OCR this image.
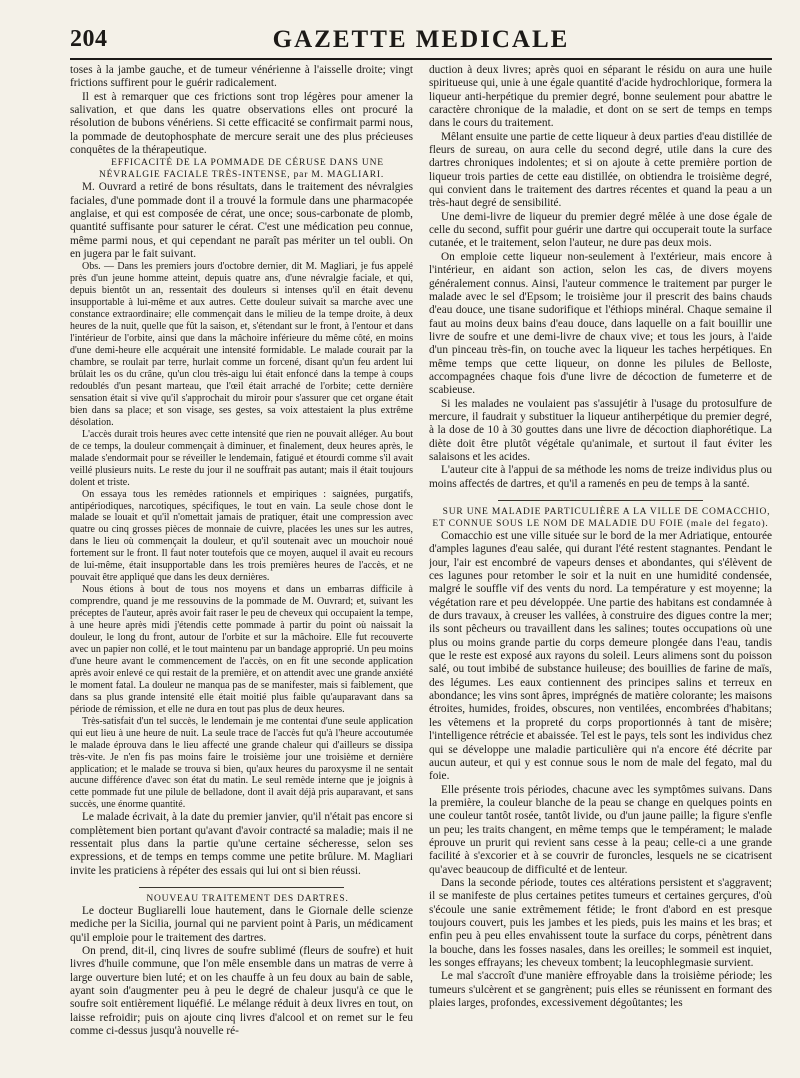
204	GAZETTE MEDICALE

toses à la jambe gauche, et de tumeur vénérienne à l'aisselle droite; vingt frictions suffirent pour le guérir radicalement.

Il est à remarquer que ces frictions sont trop légères pour amener la salivation, et que dans les quatre observations elles ont procuré la résolution de bubons vénériens. Si cette efficacité se confirmait parmi nous, la pommade de deutophosphate de mercure serait une des plus précieuses conquêtes de la thérapeutique.

EFFICACITÉ DE LA POMMADE DE CÉRUSE DANS UNE NÉVRALGIE FACIALE TRÈS-INTENSE, par M. MAGLIARI.

M. Ouvrard a retiré de bons résultats, dans le traitement des névralgies faciales, d'une pommade dont il a trouvé la formule dans une pharmacopée anglaise, et qui est composée de cérat, une once; sous-carbonate de plomb, quantité suffisante pour saturer le cérat. C'est une médication peu connue, même parmi nous, et qui cependant ne paraît pas mériter un tel oubli. On en jugera par le fait suivant.

Obs. — Dans les premiers jours d'octobre dernier, dit M. Magliari, je fus appelé près d'un jeune homme atteint, depuis quatre ans, d'une névralgie faciale, et qui, depuis bientôt un an, ressentait des douleurs si intenses qu'il en était devenu insupportable à lui-même et aux autres. Cette douleur suivait sa marche avec une constance extraordinaire; elle commençait dans le milieu de la tempe droite, à deux heures de la nuit, quelle que fût la saison, et, s'étendant sur le front, à l'entour et dans l'intérieur de l'orbite, ainsi que dans la mâchoire inférieure du même côté, en moins d'une demi-heure elle acquérait une intensité formidable. Le malade courait par la chambre, se roulait par terre, hurlait comme un forcené, disant qu'un feu ardent lui brûlait les os du crâne, qu'un clou très-aigu lui était enfoncé dans la tempe à coups redoublés d'un pesant marteau, que l'œil était arraché de l'orbite; cette dernière sensation était si vive qu'il s'approchait du miroir pour s'assurer que cet organe était bien dans sa place; et son visage, ses gestes, sa voix attestaient la plus extrême désolation.

L'accès durait trois heures avec cette intensité que rien ne pouvait alléger. Au bout de ce temps, la douleur commençait à diminuer, et finalement, deux heures après, le malade s'endormait pour se réveiller le lendemain, fatigué et étourdi comme s'il avait veillé plusieurs nuits. Le reste du jour il ne souffrait pas autant; mais il était toujours dolent et triste.

On essaya tous les remèdes rationnels et empiriques : saignées, purgatifs, antipériodiques, narcotiques, spécifiques, le tout en vain. La seule chose dont le malade se louait et qu'il n'omettait jamais de pratiquer, était une compression avec quatre ou cinq grosses pièces de monnaie de cuivre, placées les unes sur les autres, dans le lieu où commençait la douleur, et qu'il soutenait avec un mouchoir noué fortement sur le front. Il faut noter toutefois que ce moyen, auquel il avait eu recours de lui-même, était insupportable dans les trois premières heures de l'accès, et ne pouvait être appliqué que dans les deux dernières.

Nous étions à bout de tous nos moyens et dans un embarras difficile à comprendre, quand je me ressouvins de la pommade de M. Ouvrard; et, suivant les préceptes de l'auteur, après avoir fait raser le peu de cheveux qui occupaient la tempe, à une heure après midi j'étendis cette pommade à partir du point où naissait la douleur, le long du front, autour de l'orbite et sur la mâchoire. Elle fut recouverte avec un papier non collé, et le tout maintenu par un bandage approprié. Un peu moins d'une heure avant le commencement de l'accès, on en fit une seconde application après avoir enlevé ce qui restait de la première, et on attendit avec une grande anxiété le moment fatal. La douleur ne manqua pas de se manifester, mais si faiblement, que dans sa plus grande intensité elle était moitié plus faible qu'auparavant dans sa période de rémission, et elle ne dura en tout pas plus de deux heures.

Très-satisfait d'un tel succès, le lendemain je me contentai d'une seule application qui eut lieu à une heure de nuit. La seule trace de l'accès fut qu'à l'heure accoutumée le malade éprouva dans le lieu affecté une grande chaleur qui d'ailleurs se dissipa très-vite. Je n'en fis pas moins faire le troisième jour une troisième et dernière application; et le malade se trouva si bien, qu'aux heures du paroxysme il ne sentait aucune différence d'avec son état du matin. Le seul remède interne que je joignis à cette pommade fut une pilule de belladone, dont il avait déjà pris auparavant, et sans succès, une énorme quantité.

Le malade écrivait, à la date du premier janvier, qu'il n'était pas encore si complètement bien portant qu'avant d'avoir contracté sa maladie; mais il ne ressentait plus dans la partie qu'une certaine sécheresse, selon ses expressions, et de temps en temps comme une petite brûlure. M. Magliari invite les praticiens à répéter des essais qui lui ont si bien réussi.

NOUVEAU TRAITEMENT DES DARTRES.

Le docteur Bugliarelli loue hautement, dans le Giornale delle scienze mediche per la Sicilia, journal qui ne parvient point à Paris, un médicament qu'il emploie pour le traitement des dartres.

On prend, dit-il, cinq livres de soufre sublimé (fleurs de soufre) et huit livres d'huile commune, que l'on mêle ensemble dans un matras de verre à large ouverture bien luté; et on les chauffe à un feu doux au bain de sable, ayant soin d'augmenter peu à peu le degré de chaleur jusqu'à ce que le soufre soit entièrement liquéfié. Le mélange réduit à deux livres en tout, on laisse refroidir; puis on ajoute cinq livres d'alcool et on remet sur le feu comme ci-dessus jusqu'à nouvelle ré-

duction à deux livres; après quoi en séparant le résidu on aura une huile spiritueuse qui, unie à une égale quantité d'acide hydrochlorique, formera la liqueur anti-herpétique du premier degré, bonne seulement pour abattre le caractère chronique de la maladie, et dont on se sert de temps en temps dans le cours du traitement.

Mêlant ensuite une partie de cette liqueur à deux parties d'eau distillée de fleurs de sureau, on aura celle du second degré, utile dans la cure des dartres chroniques indolentes; et si on ajoute à cette première portion de liqueur trois parties de cette eau distillée, on obtiendra le troisième degré, qui convient dans le traitement des dartres récentes et quand la peau a un très-haut degré de sensibilité.

Une demi-livre de liqueur du premier degré mêlée à une dose égale de celle du second, suffit pour guérir une dartre qui occuperait toute la surface cutanée, et le traitement, selon l'auteur, ne dure pas deux mois.

On emploie cette liqueur non-seulement à l'extérieur, mais encore à l'intérieur, en aidant son action, selon les cas, de divers moyens généralement connus. Ainsi, l'auteur commence le traitement par purger le malade avec le sel d'Epsom; le troisième jour il prescrit des bains chauds d'eau douce, une tisane sudorifique et l'éthiops minéral. Chaque semaine il faut au moins deux bains d'eau douce, dans laquelle on a fait bouillir une livre de soufre et une demi-livre de chaux vive; et tous les jours, à l'aide d'un pinceau très-fin, on touche avec la liqueur les taches herpétiques. En même temps que cette liqueur, on donne les pilules de Belloste, accompagnées chaque fois d'une livre de décoction de fumeterre et de scabieuse.

Si les malades ne voulaient pas s'assujétir à l'usage du protosulfure de mercure, il faudrait y substituer la liqueur antiherpétique du premier degré, à la dose de 10 à 30 gouttes dans une livre de décoction diaphorétique. La diète doit être plutôt végétale qu'animale, et surtout il faut éviter les salaisons et les acides.

L'auteur cite à l'appui de sa méthode les noms de treize individus plus ou moins affectés de dartres, et qu'il a ramenés en peu de temps à la santé.

SUR UNE MALADIE PARTICULIÈRE A LA VILLE DE COMACCHIO, ET CONNUE SOUS LE NOM DE MALADIE DU FOIE (male del fegato).

Comacchio est une ville située sur le bord de la mer Adriatique, entourée d'amples lagunes d'eau salée, qui durant l'été restent stagnantes. Pendant le jour, l'air est encombré de vapeurs denses et abondantes, qui s'élèvent de ces lagunes pour retomber le soir et la nuit en une humidité condensée, malgré le souffle vif des vents du nord. La température y est moyenne; la végétation rare et peu développée. Une partie des habitans est condamnée à de durs travaux, à creuser les vallées, à construire des digues contre la mer; ils sont pêcheurs ou travaillent dans les salines; toutes occupations où une plus ou moins grande partie du corps demeure plongée dans l'eau, tandis que le reste est exposé aux rayons du soleil. Leurs alimens sont du poisson salé, ou tout imbibé de substance huileuse; des bouillies de farine de maïs, des légumes. Les eaux contiennent des principes salins et terreux en abondance; les vins sont âpres, imprégnés de matière colorante; les maisons étroites, humides, froides, obscures, non ventilées, encombrées d'habitans; les vêtemens et la propreté du corps proportionnés à tant de misère; l'intelligence rétrécie et abaissée. Tel est le pays, tels sont les individus chez qui se développe une maladie particulière qui n'a encore été décrite par aucun auteur, et qui y est connue sous le nom de male del fegato, mal du foie.

Elle présente trois périodes, chacune avec les symptômes suivans. Dans la première, la couleur blanche de la peau se change en quelques points en une couleur tantôt rosée, tantôt livide, ou d'un jaune paille; la figure s'enfle un peu; les traits changent, en même temps que le tempérament; le malade éprouve un prurit qui revient sans cesse à la peau; celle-ci a une grande facilité à s'excorier et à se couvrir de furoncles, lesquels ne se cicatrisent qu'avec beaucoup de difficulté et de lenteur.

Dans la seconde période, toutes ces altérations persistent et s'aggravent; il se manifeste de plus certaines petites tumeurs et certaines gerçures, d'où s'écoule une sanie extrêmement fétide; le front d'abord en est presque toujours couvert, puis les jambes et les pieds, puis les mains et les bras; et enfin peu à peu elles envahissent toute la surface du corps, pénètrent dans la bouche, dans les fosses nasales, dans les oreilles; le sommeil est inquiet, les songes effrayans; les cheveux tombent; la leucophlegmasie survient.

Le mal s'accroît d'une manière effroyable dans la troisième période; les tumeurs s'ulcèrent et se gangrènent; puis elles se réunissent en formant des plaies larges, profondes, excessivement dégoûtantes; les
